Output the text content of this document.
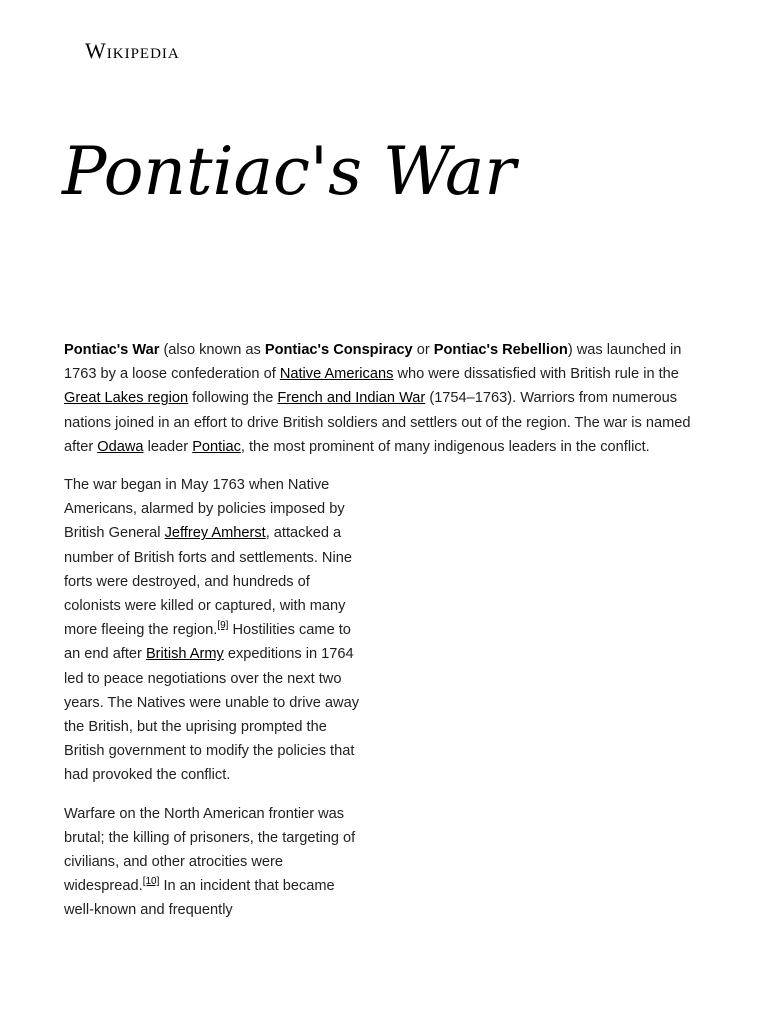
Wikipedia
Pontiac's War

Pontiac's War (also known as Pontiac's Conspiracy or Pontiac's Rebellion) was launched in 1763 by a loose confederation of Native Americans who were dissatisfied with British rule in the Great Lakes region following the French and Indian War (1754–1763). Warriors from numerous nations joined in an effort to drive British soldiers and settlers out of the region. The war is named after Odawa leader Pontiac, the most prominent of many indigenous leaders in the conflict.

The war began in May 1763 when Native Americans, alarmed by policies imposed by British General Jeffrey Amherst, attacked a number of British forts and settlements. Nine forts were destroyed, and hundreds of colonists were killed or captured, with many more fleeing the region.[9] Hostilities came to an end after British Army expeditions in 1764 led to peace negotiations over the next two years. The Natives were unable to drive away the British, but the uprising prompted the British government to modify the policies that had provoked the conflict.

Warfare on the North American frontier was brutal; the killing of prisoners, the targeting of civilians, and other atrocities were widespread.[10] In an incident that became well-known and frequently
